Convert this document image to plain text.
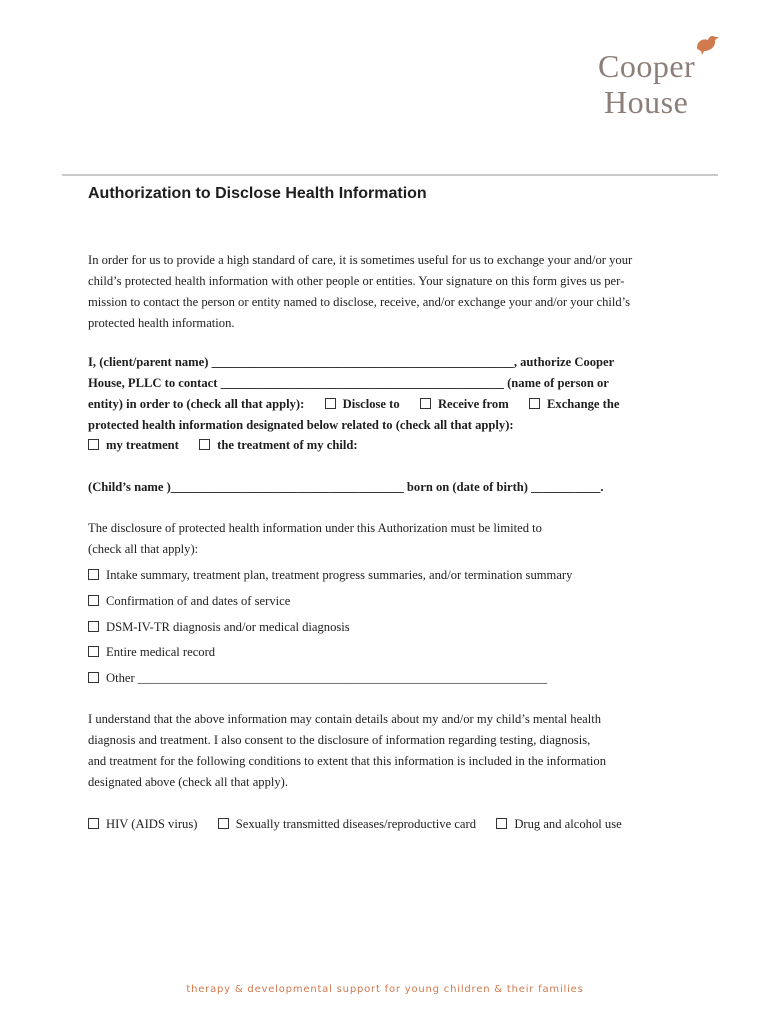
Cooper
House
Authorization to Disclose Health Information
In order for us to provide a high standard of care, it is sometimes useful for us to exchange your and/or your
child’s protected health information with other people or entities. Your signature on this form gives us per-
mission to contact the person or entity named to disclose, receive, and/or exchange your and/or your child’s
protected health information.
I, (client/parent name) ________________________________________________, authorize Cooper
House, PLLC to contact _____________________________________________ (name of person or
entity) in order to (check all that apply):	Disclose to	Receive from	Exchange the
protected health information designated below related to (check all that apply):
my treatment	the treatment of my child:
(Child’s name )_____________________________________ born on (date of birth) ___________.
The disclosure of protected health information under this Authorization must be limited to
(check all that apply):
Intake summary, treatment plan, treatment progress summaries, and/or termination summary
Confirmation of and dates of service
DSM-IV-TR diagnosis and/or medical diagnosis
Entire medical record
Other _________________________________________________________________
I understand that the above information may contain details about my and/or my child’s mental health
diagnosis and treatment. I also consent to the disclosure of information regarding testing, diagnosis,
and treatment for the following conditions to extent that this information is included in the information
designated above (check all that apply).
HIV (AIDS virus)	Sexually transmitted diseases/reproductive card	Drug and alcohol use
therapy & developmental support for young children & their families
